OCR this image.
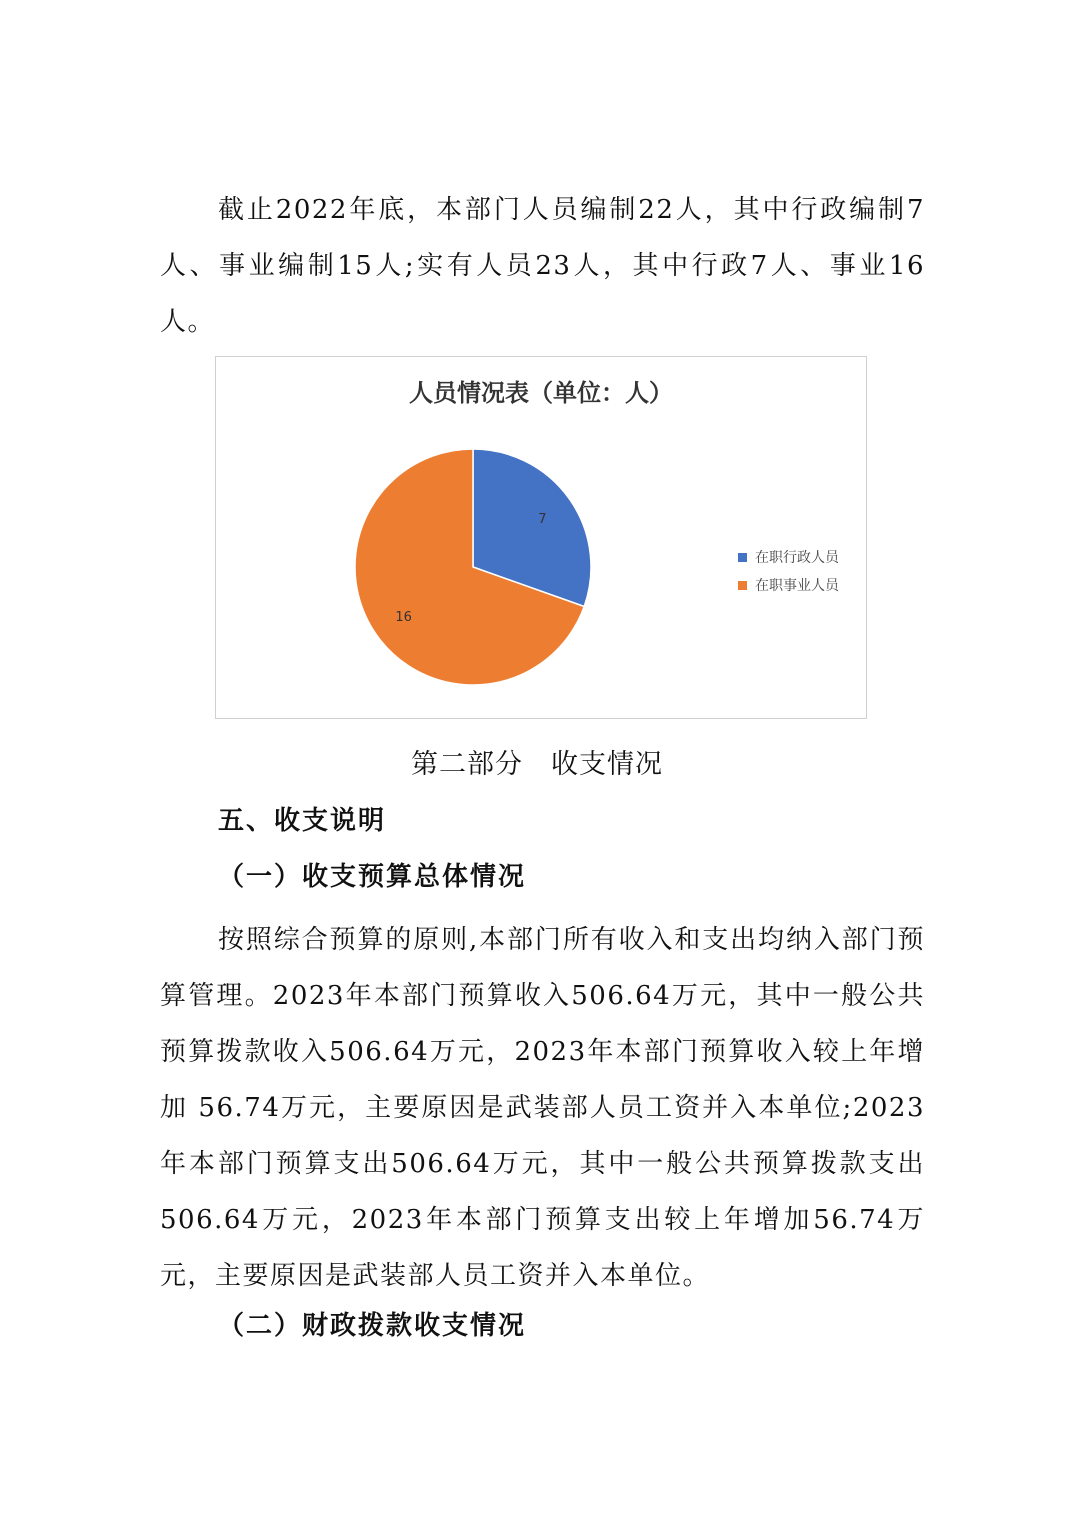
截止2022年底，本部门人员编制22人，其中行政编制7人、事业编制15人;实有人员23人，其中行政7人、事业16人。

人员情况表（单位：人）
7
16
在职行政人员
在职事业人员
第二部分　收支情况
五、收支说明
（一）收支预算总体情况

按照综合预算的原则,本部门所有收入和支出均纳入部门预算管理。2023年本部门预算收入506.64万元，其中一般公共预算拨款收入506.64万元，2023年本部门预算收入较上年增加 56.74万元，主要原因是武装部人员工资并入本单位;2023年本部门预算支出506.64万元，其中一般公共预算拨款支出506.64万元，2023年本部门预算支出较上年增加56.74万元，主要原因是武装部人员工资并入本单位。

（二）财政拨款收支情况
